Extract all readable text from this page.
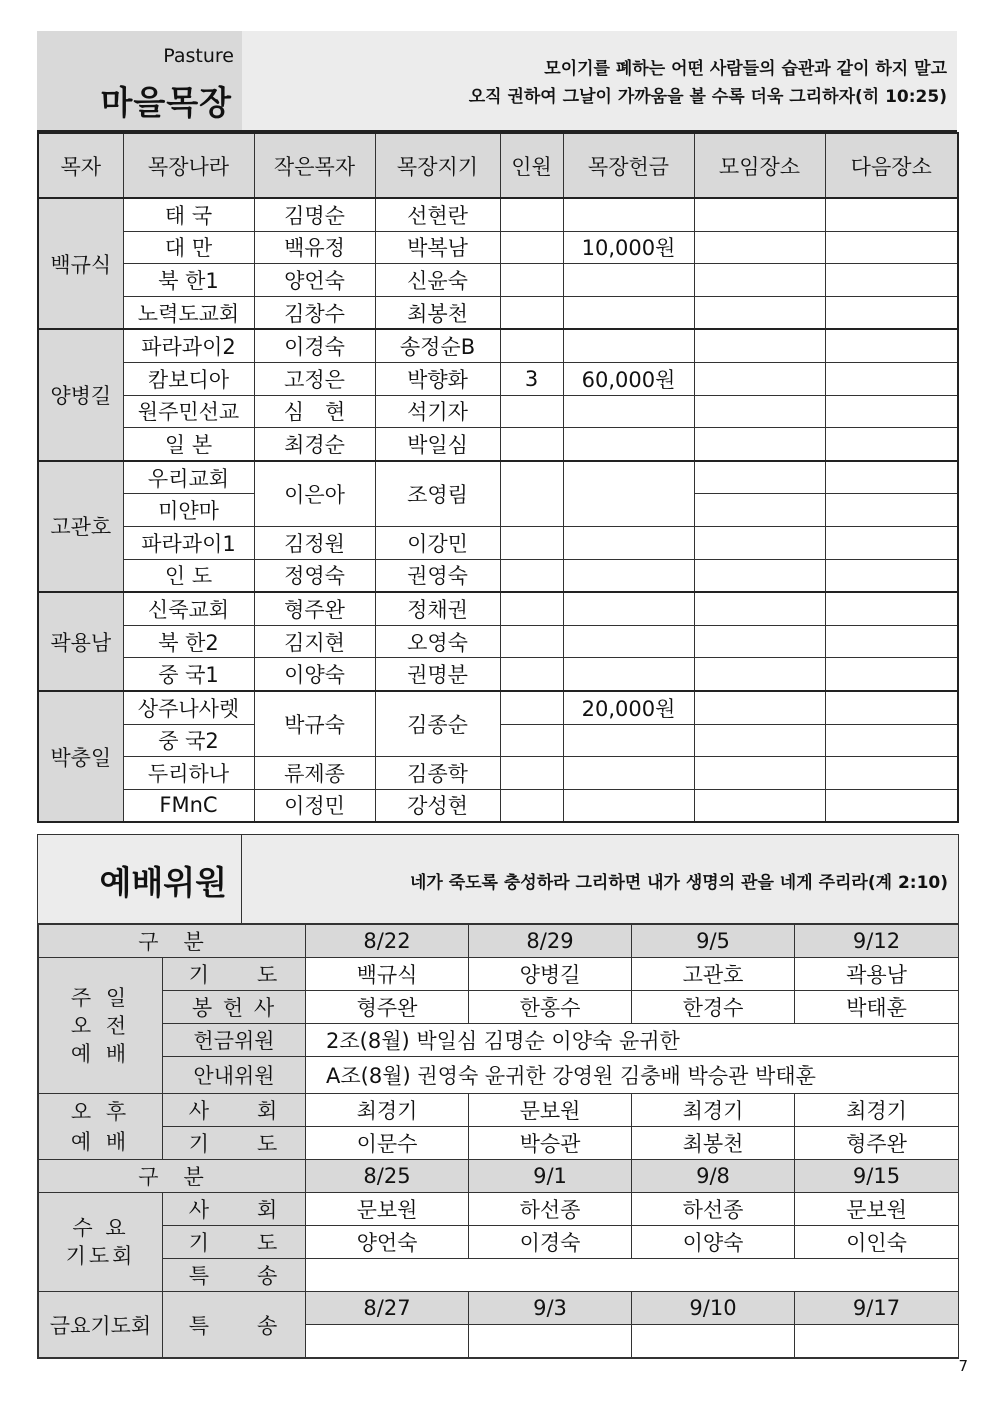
Pasture
마을목장
모이기를 폐하는 어떤 사람들의 습관과 같이 하지 말고
오직 권하여 그날이 가까움을 볼 수록 더욱 그리하자(히 10:25)
목자	목장나라	작은목자	목장지기	인원	목장헌금	모임장소	다음장소
백규식	태 국	김명순	선현란				
	대 만	백유정	박복남		10,000원		
	북 한1	양언숙	신윤숙				
	노력도교회	김창수	최봉천				
양병길	파라과이2	이경숙	송정순B				
	캄보디아	고정은	박향화	3	60,000원		
	원주민선교	심　현	석기자				
	일 본	최경순	박일심				
고관호	우리교회	이은아	조영림				
	미얀마						
	파라과이1	김정원	이강민				
	인 도	정영숙	권영숙				
곽용남	신죽교회	형주완	정채권				
	북 한2	김지현	오영숙				
	중 국1	이양숙	권명분				
박충일	상주나사렛	박규숙	김종순		20,000원		
	중 국2						
	두리하나	류제종	김종학				
	FMnC	이정민	강성현				
예배위원	네가 죽도록 충성하라 그리하면 내가 생명의 관을 네게 주리라(계 2:10)
구　분		8/22	8/29	9/5	9/12

주 일
오 전
예 배	기　　도	백규식	양병길	고관호	곽용남
	봉 헌 사	형주완	한홍수	한경수	박태훈
	헌금위원	2조(8월) 박일심 김명순 이양숙 윤귀한			
	안내위원	A조(8월) 권영숙 윤귀한 강영원 김충배 박승관 박태훈			

오 후
예 배	사　　회	최경기	문보원	최경기	최경기
	기　　도	이문수	박승관	최봉천	형주완
구　분		8/25	9/1	9/8	9/15

수 요
기도회	사　　회	문보원	하선종	하선종	문보원
	기　　도	양언숙	이경숙	이양숙	이인숙
	특　　송				
금요기도회	특　　송	8/27	9/3	9/10	9/17

7
